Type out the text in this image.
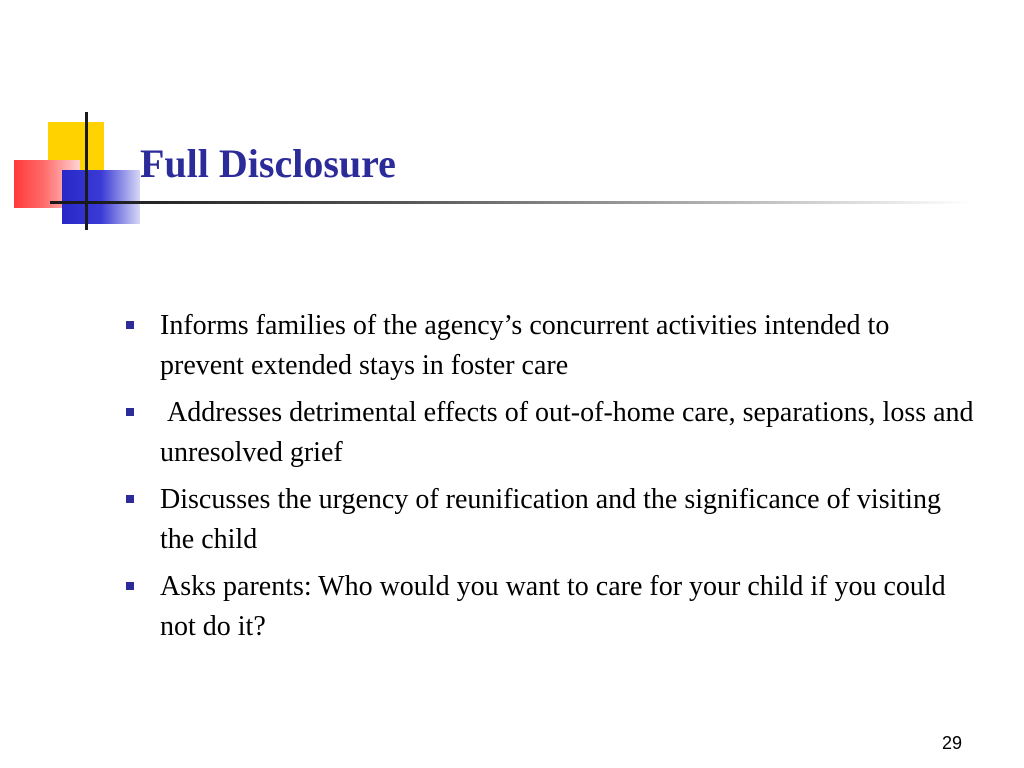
Full Disclosure
Informs families of the agency’s concurrent activities intended to prevent extended stays in foster care
Addresses detrimental effects of out-of-home care, separations, loss and unresolved grief
Discusses the urgency of reunification and the significance of visiting the child
Asks parents: Who would you want to care for your child if you could not do it?
29
